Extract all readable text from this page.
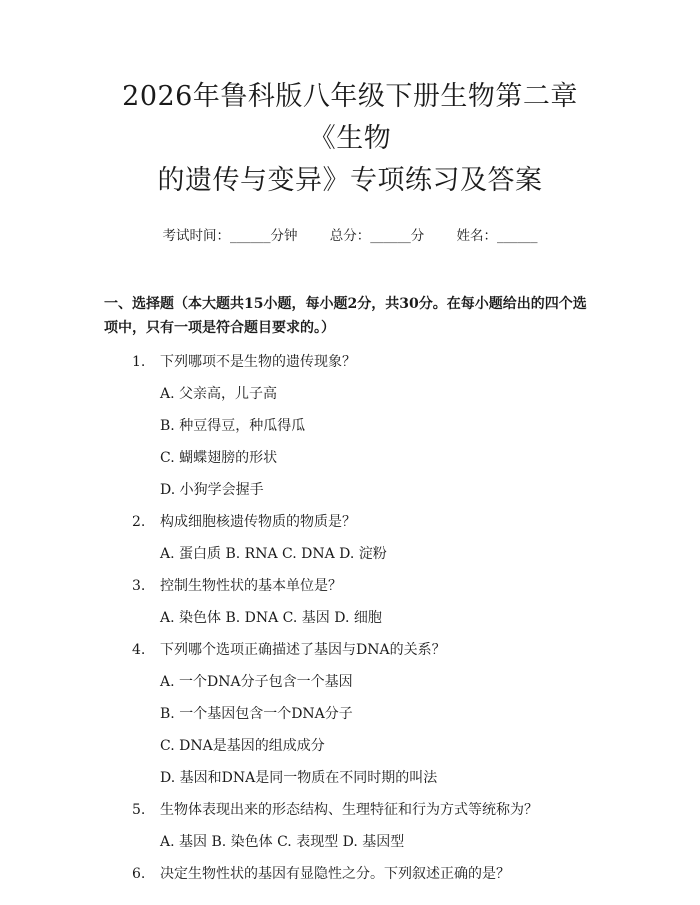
2026年鲁科版八年级下册生物第二章《生物
的遗传与变异》专项练习及答案
考试时间：______分钟 总分：______分 姓名：______
一、选择题（本大题共15小题，每小题2分，共30分。在每小题给出的四个选项中，只有一项是符合题目要求的。）
1.	下列哪项不是生物的遗传现象？
A. 父亲高，儿子高
B. 种豆得豆，种瓜得瓜
C. 蝴蝶翅膀的形状
D. 小狗学会握手
2.	构成细胞核遗传物质的物质是？
A. 蛋白质 B. RNA C. DNA D. 淀粉
3.	控制生物性状的基本单位是？
A. 染色体 B. DNA C. 基因 D. 细胞
4.	下列哪个选项正确描述了基因与DNA的关系？
A. 一个DNA分子包含一个基因
B. 一个基因包含一个DNA分子
C. DNA是基因的组成成分
D. 基因和DNA是同一物质在不同时期的叫法
5.	生物体表现出来的形态结构、生理特征和行为方式等统称为？
A. 基因 B. 染色体 C. 表现型 D. 基因型
6.	决定生物性状的基因有显隐性之分。下列叙述正确的是？
